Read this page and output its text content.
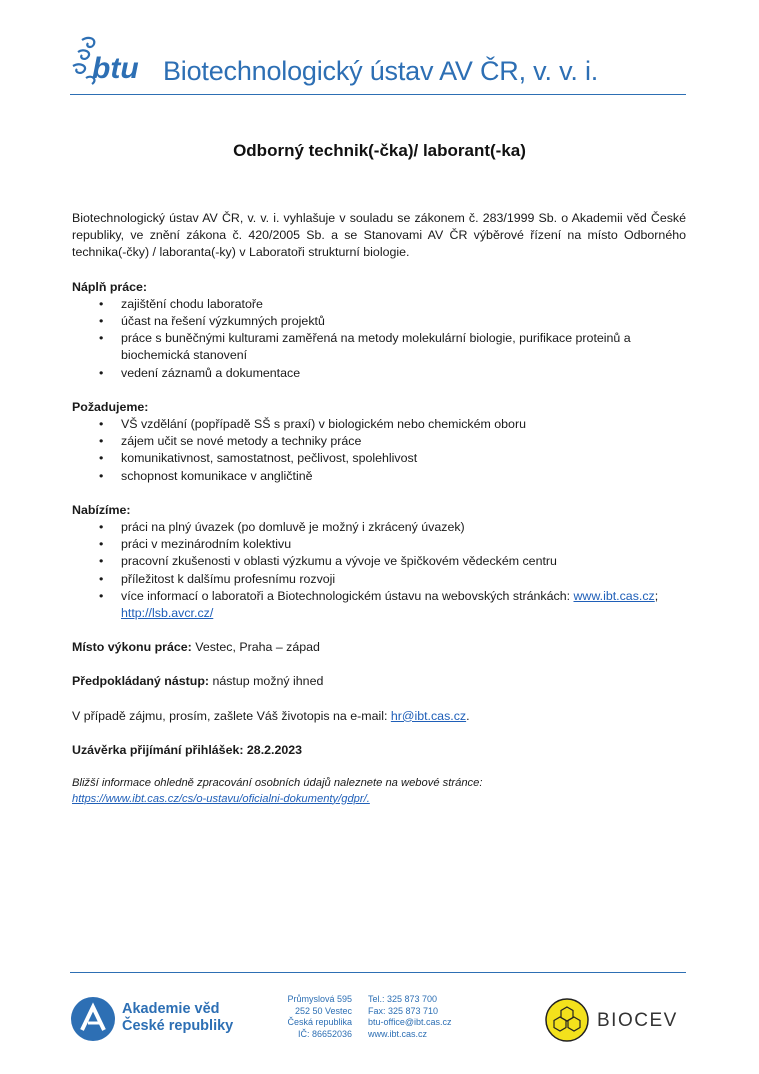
btu Biotechnologický ústav AV ČR, v. v. i.
Odborný technik(-čka)/ laborant(-ka)

Biotechnologický ústav AV ČR, v. v. i. vyhlašuje v souladu se zákonem č. 283/1999 Sb. o Akademii věd České republiky, ve znění zákona č. 420/2005 Sb. a se Stanovami AV ČR výběrové řízení na místo Odborného technika(-čky) / laboranta(-ky) v Laboratoři strukturní biologie.

Náplň práce:

• zajištění chodu laboratoře
• účast na řešení výzkumných projektů
• práce s buněčnými kulturami zaměřená na metody molekulární biologie, purifikace proteinů a biochemická stanovení
• vedení záznamů a dokumentace

Požadujeme:

• VŠ vzdělání (popřípadě SŠ s praxí) v biologickém nebo chemickém oboru
• zájem učit se nové metody a techniky práce
• komunikativnost, samostatnost, pečlivost, spolehlivost
• schopnost komunikace v angličtině

Nabízíme:

• práci na plný úvazek (po domluvě je možný i zkrácený úvazek)
• práci v mezinárodním kolektivu
• pracovní zkušenosti v oblasti výzkumu a vývoje ve špičkovém vědeckém centru
• příležitost k dalšímu profesnímu rozvoji
• více informací o laboratoři a Biotechnologickém ústavu na webovských stránkách: www.ibt.cas.cz; http://lsb.avcr.cz/

Místo výkonu práce: Vestec, Praha – západ

Předpokládaný nástup: nástup možný ihned

V případě zájmu, prosím, zašlete Váš životopis na e-mail: hr@ibt.cas.cz.

Uzávěrka přijímání přihlášek: 28.2.2023

Bližší informace ohledně zpracování osobních údajů naleznete na webové stránce:

https://www.ibt.cas.cz/cs/o-ustavu/oficialni-dokumenty/gdpr/.

Akademie věd
České republiky
Průmyslová 595
252 50 Vestec
Česká republika
IČ: 86652036
Tel.: 325 873 700
Fax: 325 873 710
btu-office@ibt.cas.cz
www.ibt.cas.cz
BIOCEV
